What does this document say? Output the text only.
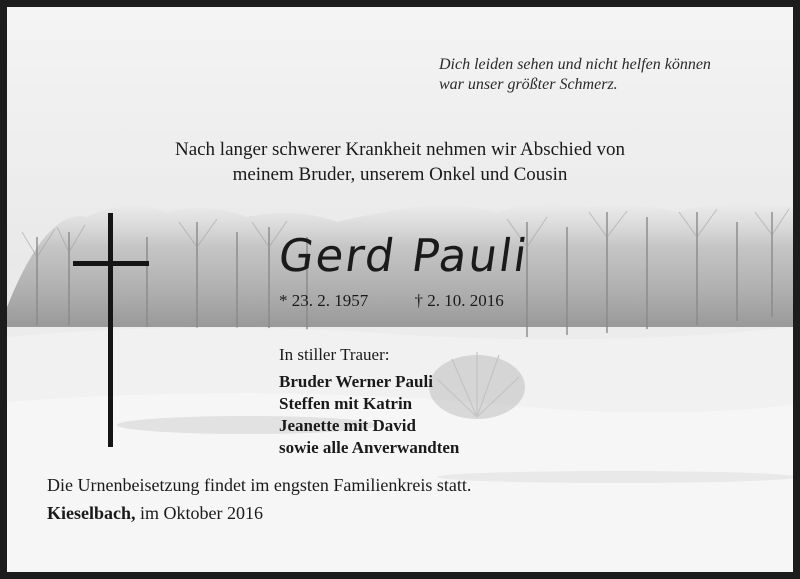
Dich leiden sehen und nicht helfen können
war unser größter Schmerz.
Nach langer schwerer Krankheit nehmen wir Abschied von
meinem Bruder, unserem Onkel und Cousin
Gerd Pauli
* 23. 2. 1957	† 2. 10. 2016
In stiller Trauer:
Bruder Werner Pauli
Steffen mit Katrin
Jeanette mit David
sowie alle Anverwandten
Die Urnenbeisetzung findet im engsten Familienkreis statt.
Kieselbach, im Oktober 2016
